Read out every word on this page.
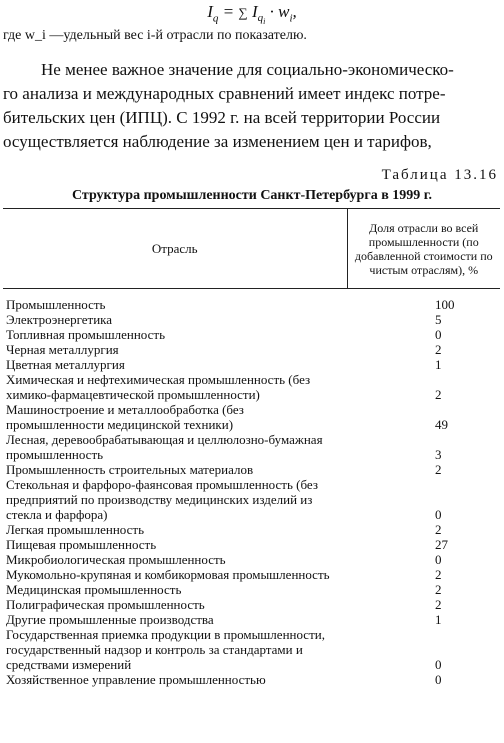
$I_q$ = ∑ $I_{q_i} \cdot w_i$,
где w_i —удельный вес i-й отрасли по показателю.
Не менее важное значение для социально-экономическо-
го анализа и международных сравнений имеет индекс потре-
бительских цен (ИПЦ). С 1992 г. на всей территории России
осуществляется наблюдение за изменением цен и тарифов,
Таблица 13.16
Структура промышленности Санкт-Петербурга в 1999 г.
Отрасль	Доля отрасли во всей промышленности (по добавленной стоимости по чистым отраслям), %
Промышленность	100
Электроэнергетика	5
Топливная промышленность	0
Черная металлургия	2
Цветная металлургия	1
Химическая и нефтехимическая промышленность (без химико-фармацевтической промышленности)	2
Машиностроение и металлообработка (без промышленности медицинской техники)	49
Лесная, деревообрабатывающая и целлюлозно-бумажная промышленность	3
Промышленность строительных материалов	2
Стекольная и фарфоро-фаянсовая промышленность (без предприятий по производству медицинских изделий из стекла и фарфора)	0
Легкая промышленность	2
Пищевая промышленность	27
Микробиологическая промышленность	0
Мукомольно-крупяная и комбикормовая промышленность	2
Медицинская промышленность	2
Полиграфическая промышленность	2
Другие промышленные производства	1
Государственная приемка продукции в промышленности, государственный надзор и контроль за стандартами и средствами измерений	0
Хозяйственное управление промышленностью	0
